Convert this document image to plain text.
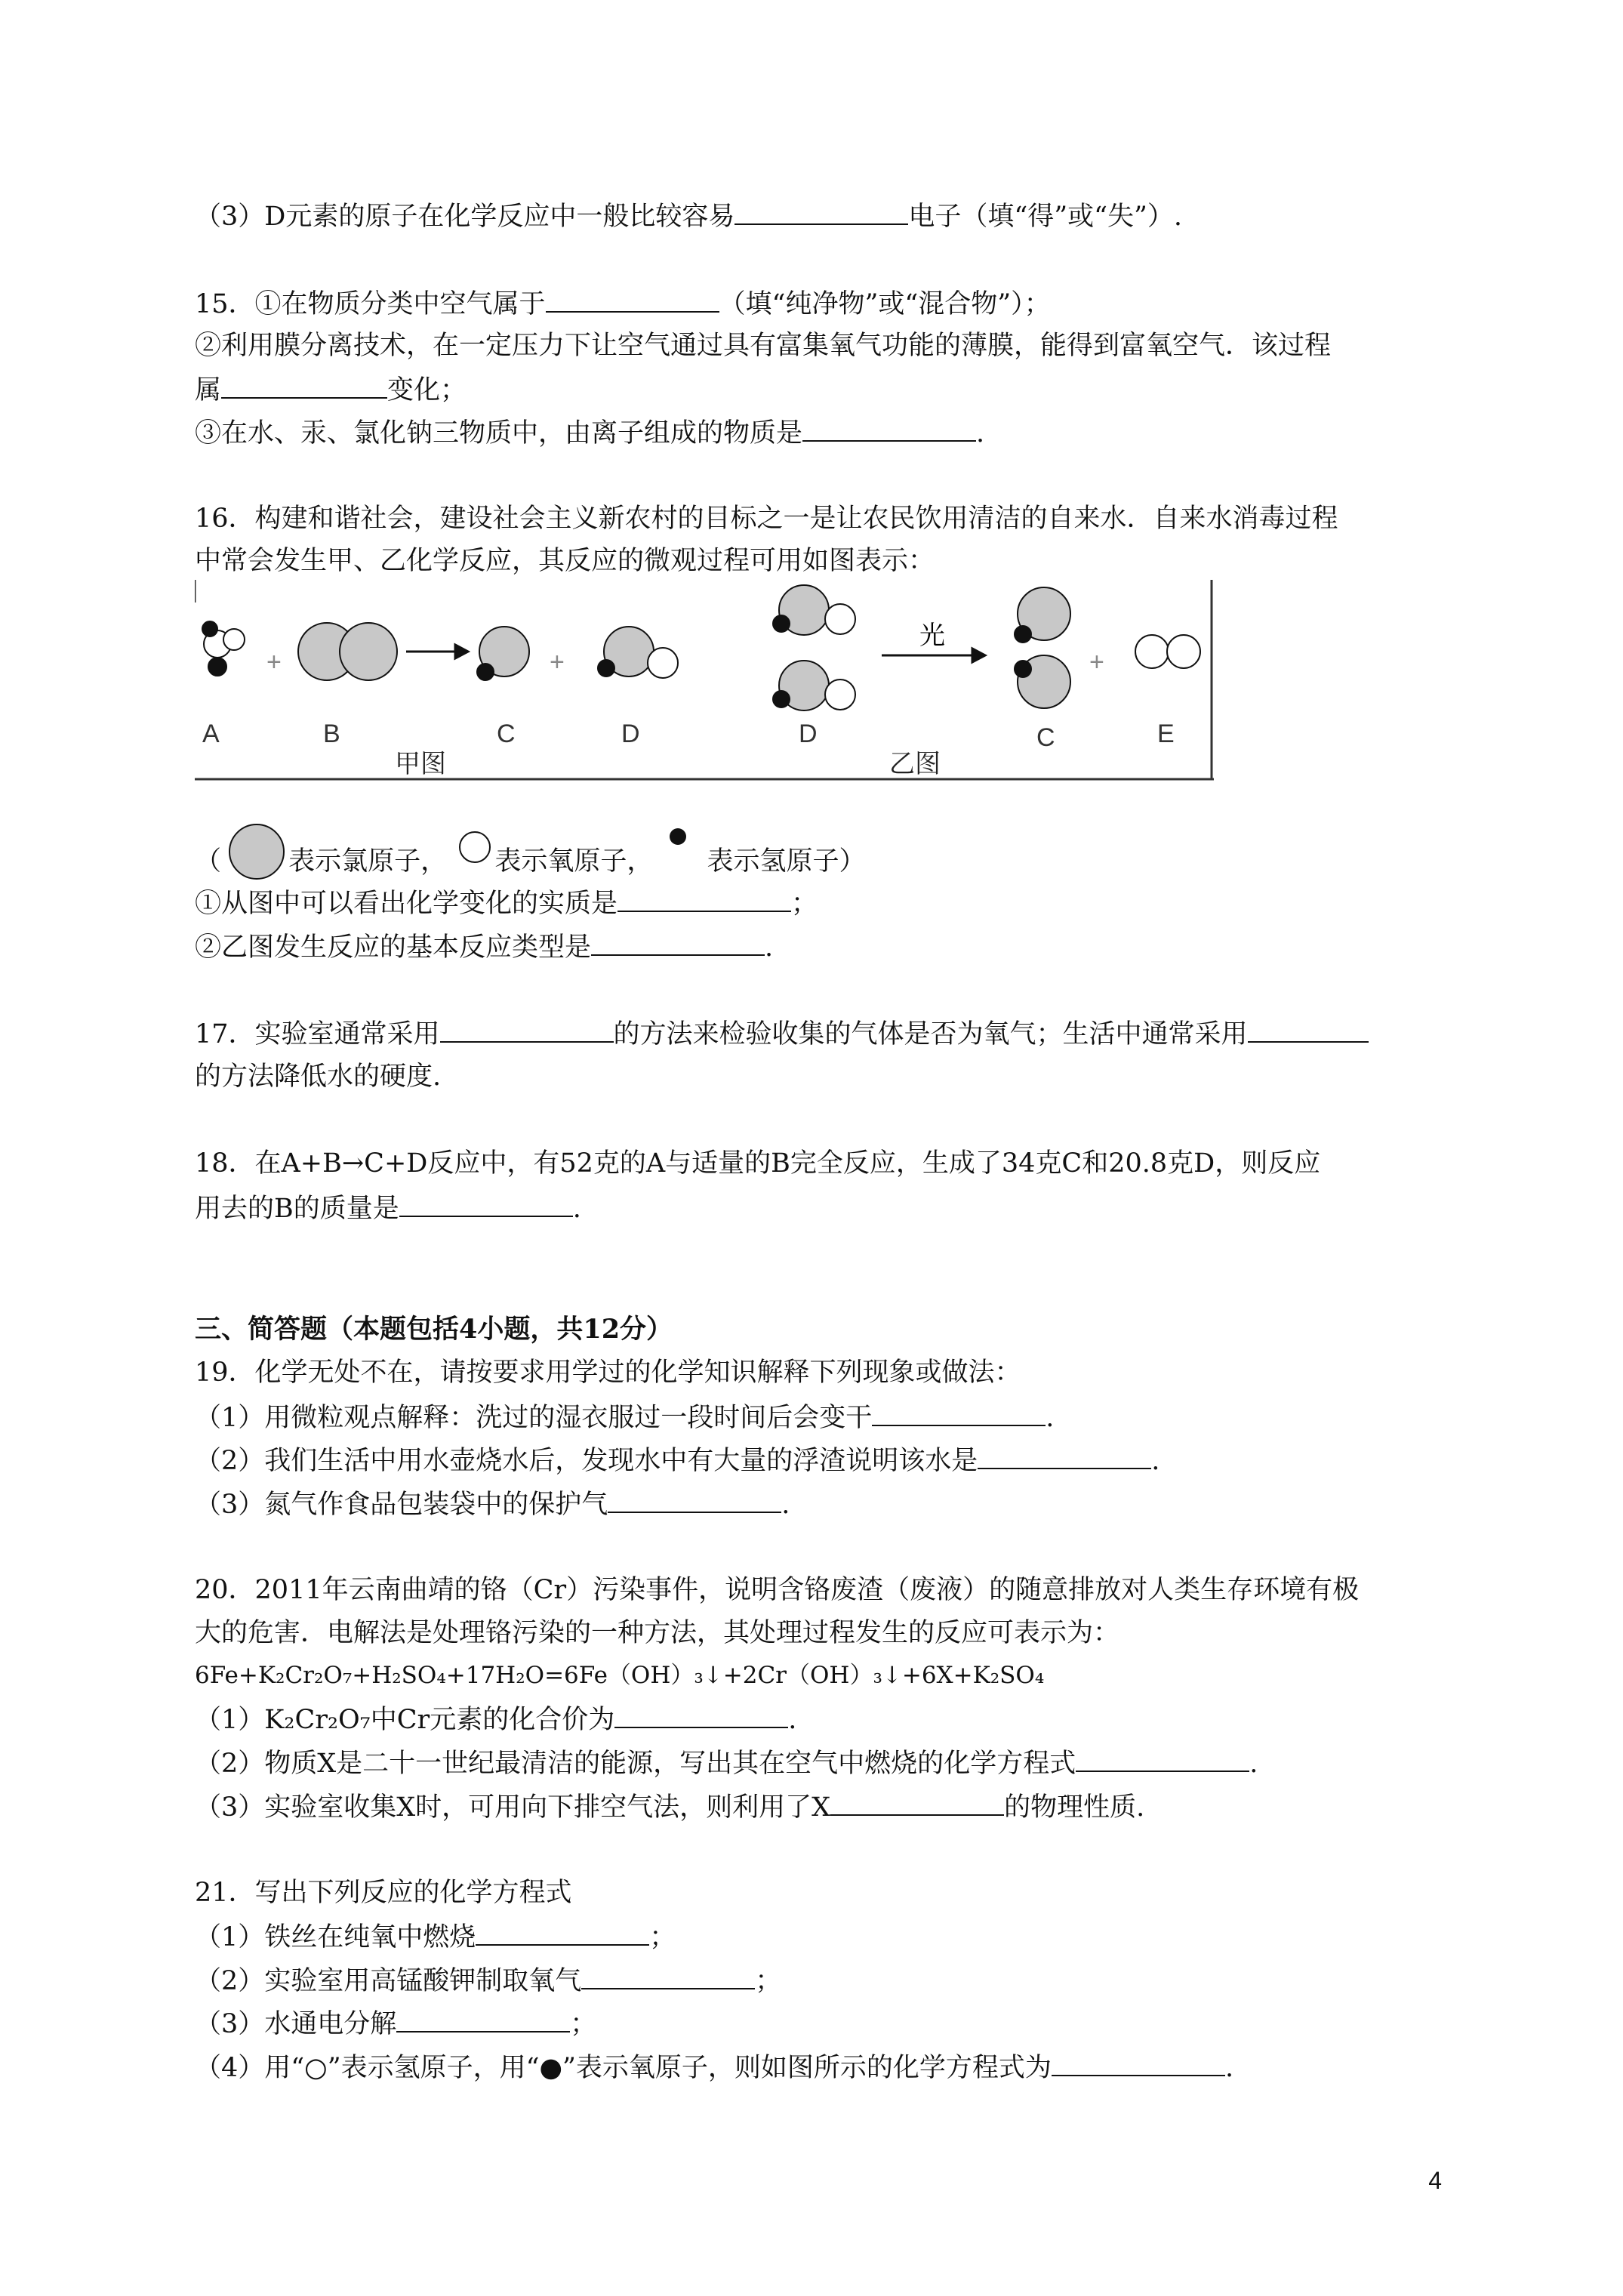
（3）D元素的原子在化学反应中一般比较容易	电子（填“得”或“失”）.
15．①在物质分类中空气属于	（填“纯净物”或“混合物”）；
②利用膜分离技术，在一定压力下让空气通过具有富集氧气功能的薄膜，能得到富氧空气．该过程
属	变化；
③在水、汞、氯化钠三物质中，由离子组成的物质是	.
16．构建和谐社会，建设社会主义新农村的目标之一是让农民饮用清洁的自来水．自来水消毒过程
中常会发生甲、乙化学反应，其反应的微观过程可用如图表示：
+	+
光
+
A	B	C	D	D	C	E
甲图	乙图
（	表示氯原子， 表示氧原子， 表示氢原子）
①从图中可以看出化学变化的实质是	；
②乙图发生反应的基本反应类型是	.
17．实验室通常采用	的方法来检验收集的气体是否为氧气；生活中通常采用
的方法降低水的硬度.
18．在A+B→C+D反应中，有52克的A与适量的B完全反应，生成了34克C和20.8克D，则反应
用去的B的质量是	.
三、简答题（本题包括4小题，共12分）
19．化学无处不在，请按要求用学过的化学知识解释下列现象或做法：
（1）用微粒观点解释：洗过的湿衣服过一段时间后会变干	.
（2）我们生活中用水壶烧水后，发现水中有大量的浮渣说明该水是	.
（3）氮气作食品包装袋中的保护气	.
20．2011年云南曲靖的铬（Cr）污染事件，说明含铬废渣（废液）的随意排放对人类生存环境有极
大的危害．电解法是处理铬污染的一种方法，其处理过程发生的反应可表示为：
6Fe+K₂Cr₂O₇+H₂SO₄+17H₂O=6Fe（OH）₃↓+2Cr（OH）₃↓+6X+K₂SO₄
（1）K₂Cr₂O₇中Cr元素的化合价为	.
（2）物质X是二十一世纪最清洁的能源，写出其在空气中燃烧的化学方程式	.
（3）实验室收集X时，可用向下排空气法，则利用了X	的物理性质.
21．写出下列反应的化学方程式
（1）铁丝在纯氧中燃烧	；
（2）实验室用高锰酸钾制取氧气	；
（3）水通电分解	；
（4）用“○”表示氢原子，用“●”表示氧原子，则如图所示的化学方程式为	.
4
